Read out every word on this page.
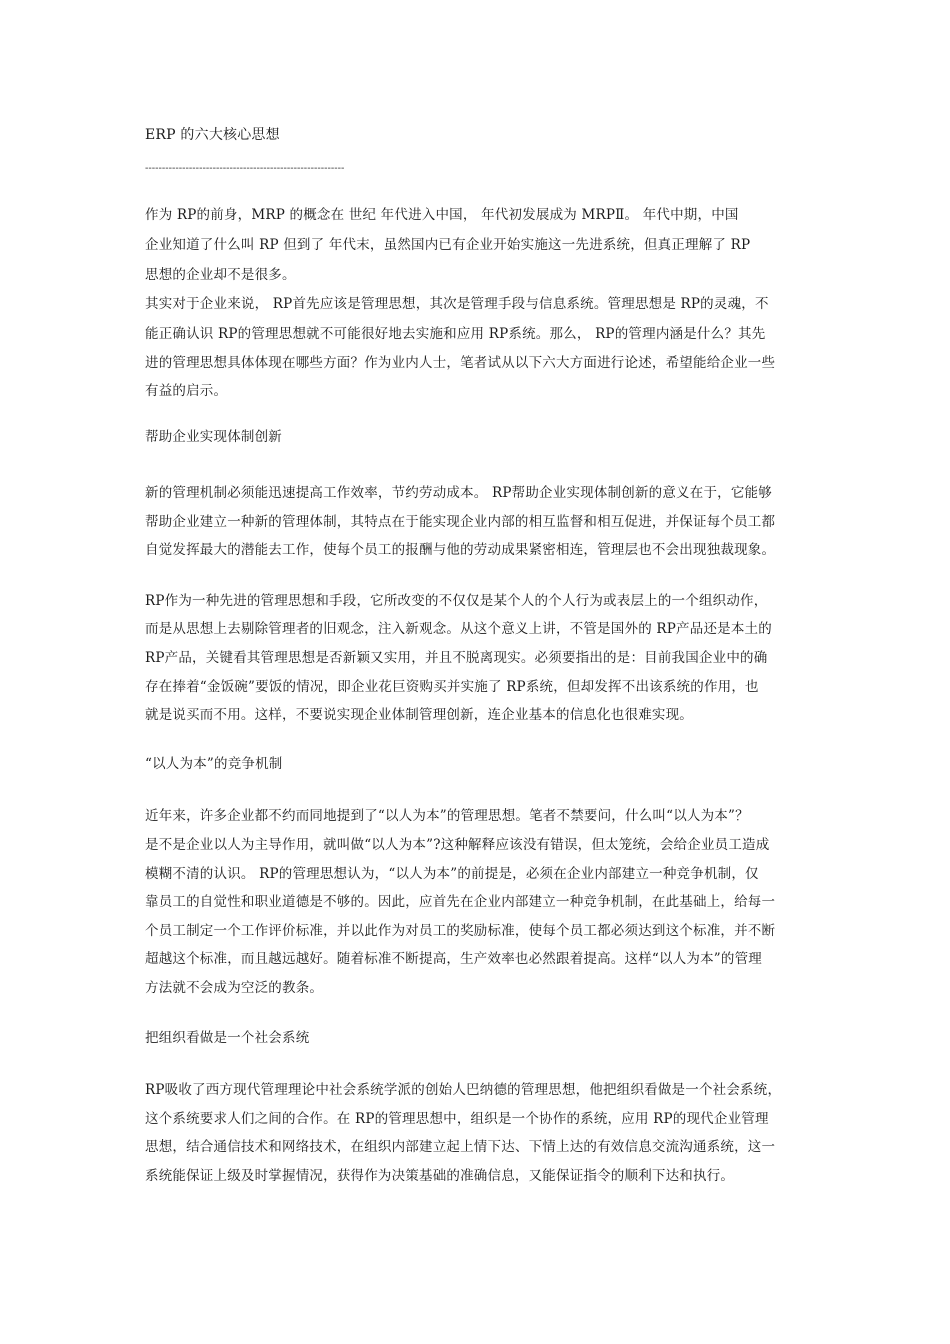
ERP 的六大核心思想
-----------------------------------------------------------
作为 RP的前身，MRP 的概念在 世纪 年代进入中国， 年代初发展成为 MRPⅡ。 年代中期，中国
企业知道了什么叫 RP 但到了 年代末，虽然国内已有企业开始实施这一先进系统，但真正理解了 RP
思想的企业却不是很多。
其实对于企业来说， RP首先应该是管理思想，其次是管理手段与信息系统。管理思想是 RP的灵魂，不
能正确认识 RP的管理思想就不可能很好地去实施和应用 RP系统。那么， RP的管理内涵是什么？其先
进的管理思想具体体现在哪些方面？作为业内人士，笔者试从以下六大方面进行论述，希望能给企业一些
有益的启示。
帮助企业实现体制创新
新的管理机制必须能迅速提高工作效率，节约劳动成本。 RP帮助企业实现体制创新的意义在于，它能够
帮助企业建立一种新的管理体制，其特点在于能实现企业内部的相互监督和相互促进，并保证每个员工都
自觉发挥最大的潜能去工作，使每个员工的报酬与他的劳动成果紧密相连，管理层也不会出现独裁现象。
RP作为一种先进的管理思想和手段，它所改变的不仅仅是某个人的个人行为或表层上的一个组织动作，
而是从思想上去剔除管理者的旧观念，注入新观念。从这个意义上讲，不管是国外的 RP产品还是本土的
RP产品，关键看其管理思想是否新颖又实用，并且不脱离现实。必须要指出的是：目前我国企业中的确
存在捧着“金饭碗”要饭的情况，即企业花巨资购买并实施了 RP系统，但却发挥不出该系统的作用，也
就是说买而不用。这样，不要说实现企业体制管理创新，连企业基本的信息化也很难实现。
“以人为本”的竞争机制
近年来，许多企业都不约而同地提到了“以人为本”的管理思想。笔者不禁要问，什么叫“以人为本”？
是不是企业以人为主导作用，就叫做“以人为本”?这种解释应该没有错误，但太笼统，会给企业员工造成
模糊不清的认识。 RP的管理思想认为，“以人为本”的前提是，必须在企业内部建立一种竞争机制，仅
靠员工的自觉性和职业道德是不够的。因此，应首先在企业内部建立一种竞争机制，在此基础上，给每一
个员工制定一个工作评价标准，并以此作为对员工的奖励标准，使每个员工都必须达到这个标准，并不断
超越这个标准，而且越远越好。随着标准不断提高，生产效率也必然跟着提高。这样“以人为本”的管理
方法就不会成为空泛的教条。
把组织看做是一个社会系统
RP吸收了西方现代管理理论中社会系统学派的创始人巴纳德的管理思想，他把组织看做是一个社会系统，
这个系统要求人们之间的合作。在 RP的管理思想中，组织是一个协作的系统，应用 RP的现代企业管理
思想，结合通信技术和网络技术，在组织内部建立起上情下达、下情上达的有效信息交流沟通系统，这一
系统能保证上级及时掌握情况，获得作为决策基础的准确信息，又能保证指令的顺利下达和执行。
